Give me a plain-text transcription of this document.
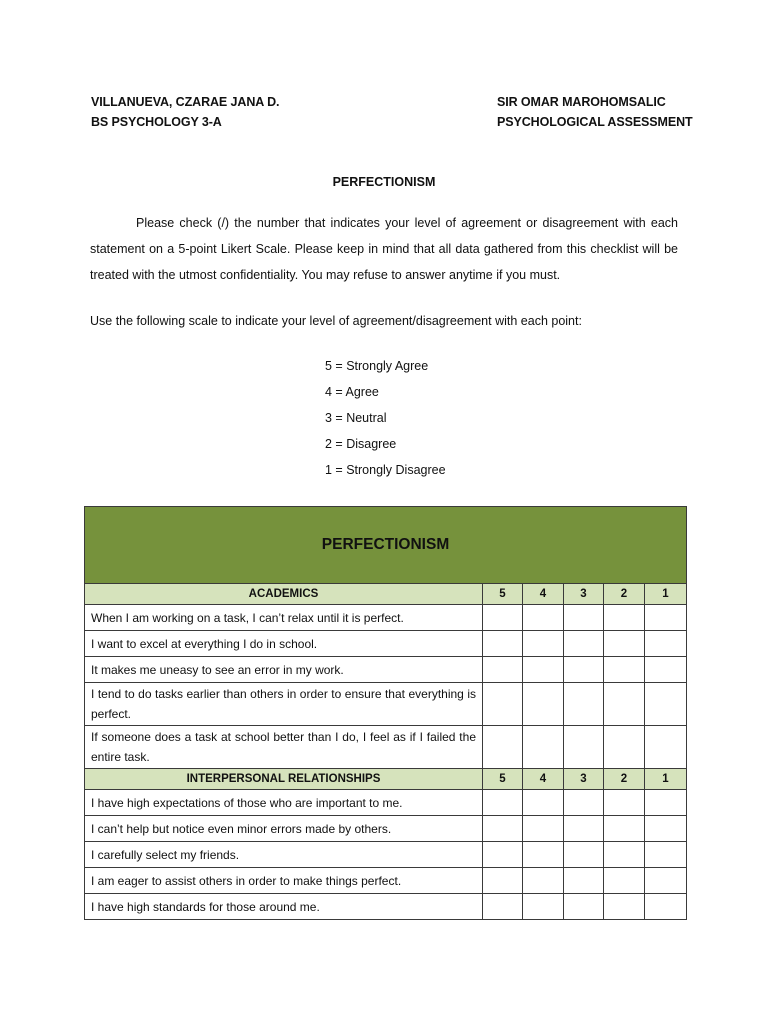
VILLANUEVA, CZARAE JANA D.
BS PSYCHOLOGY 3-A
SIR OMAR MAROHOMSALIC
PSYCHOLOGICAL ASSESSMENT
PERFECTIONISM

Please check (/) the number that indicates your level of agreement or disagreement with each statement on a 5-point Likert Scale. Please keep in mind that all data gathered from this checklist will be treated with the utmost confidentiality. You may refuse to answer anytime if you must.

Use the following scale to indicate your level of agreement/disagreement with each point:
5 = Strongly Agree
4 = Agree
3 = Neutral
2 = Disagree
1 = Strongly Disagree
PERFECTIONISM					
ACADEMICS	5	4	3	2	1
When I am working on a task, I can’t relax until it is perfect.					
I want to excel at everything I do in school.					
It makes me uneasy to see an error in my work.					
I tend to do tasks earlier than others in order to ensure that everything is perfect.					
If someone does a task at school better than I do, I feel as if I failed the entire task.					
INTERPERSONAL RELATIONSHIPS	5	4	3	2	1
I have high expectations of those who are important to me.					
I can’t help but notice even minor errors made by others.					
I carefully select my friends.					
I am eager to assist others in order to make things perfect.					
I have high standards for those around me.					
